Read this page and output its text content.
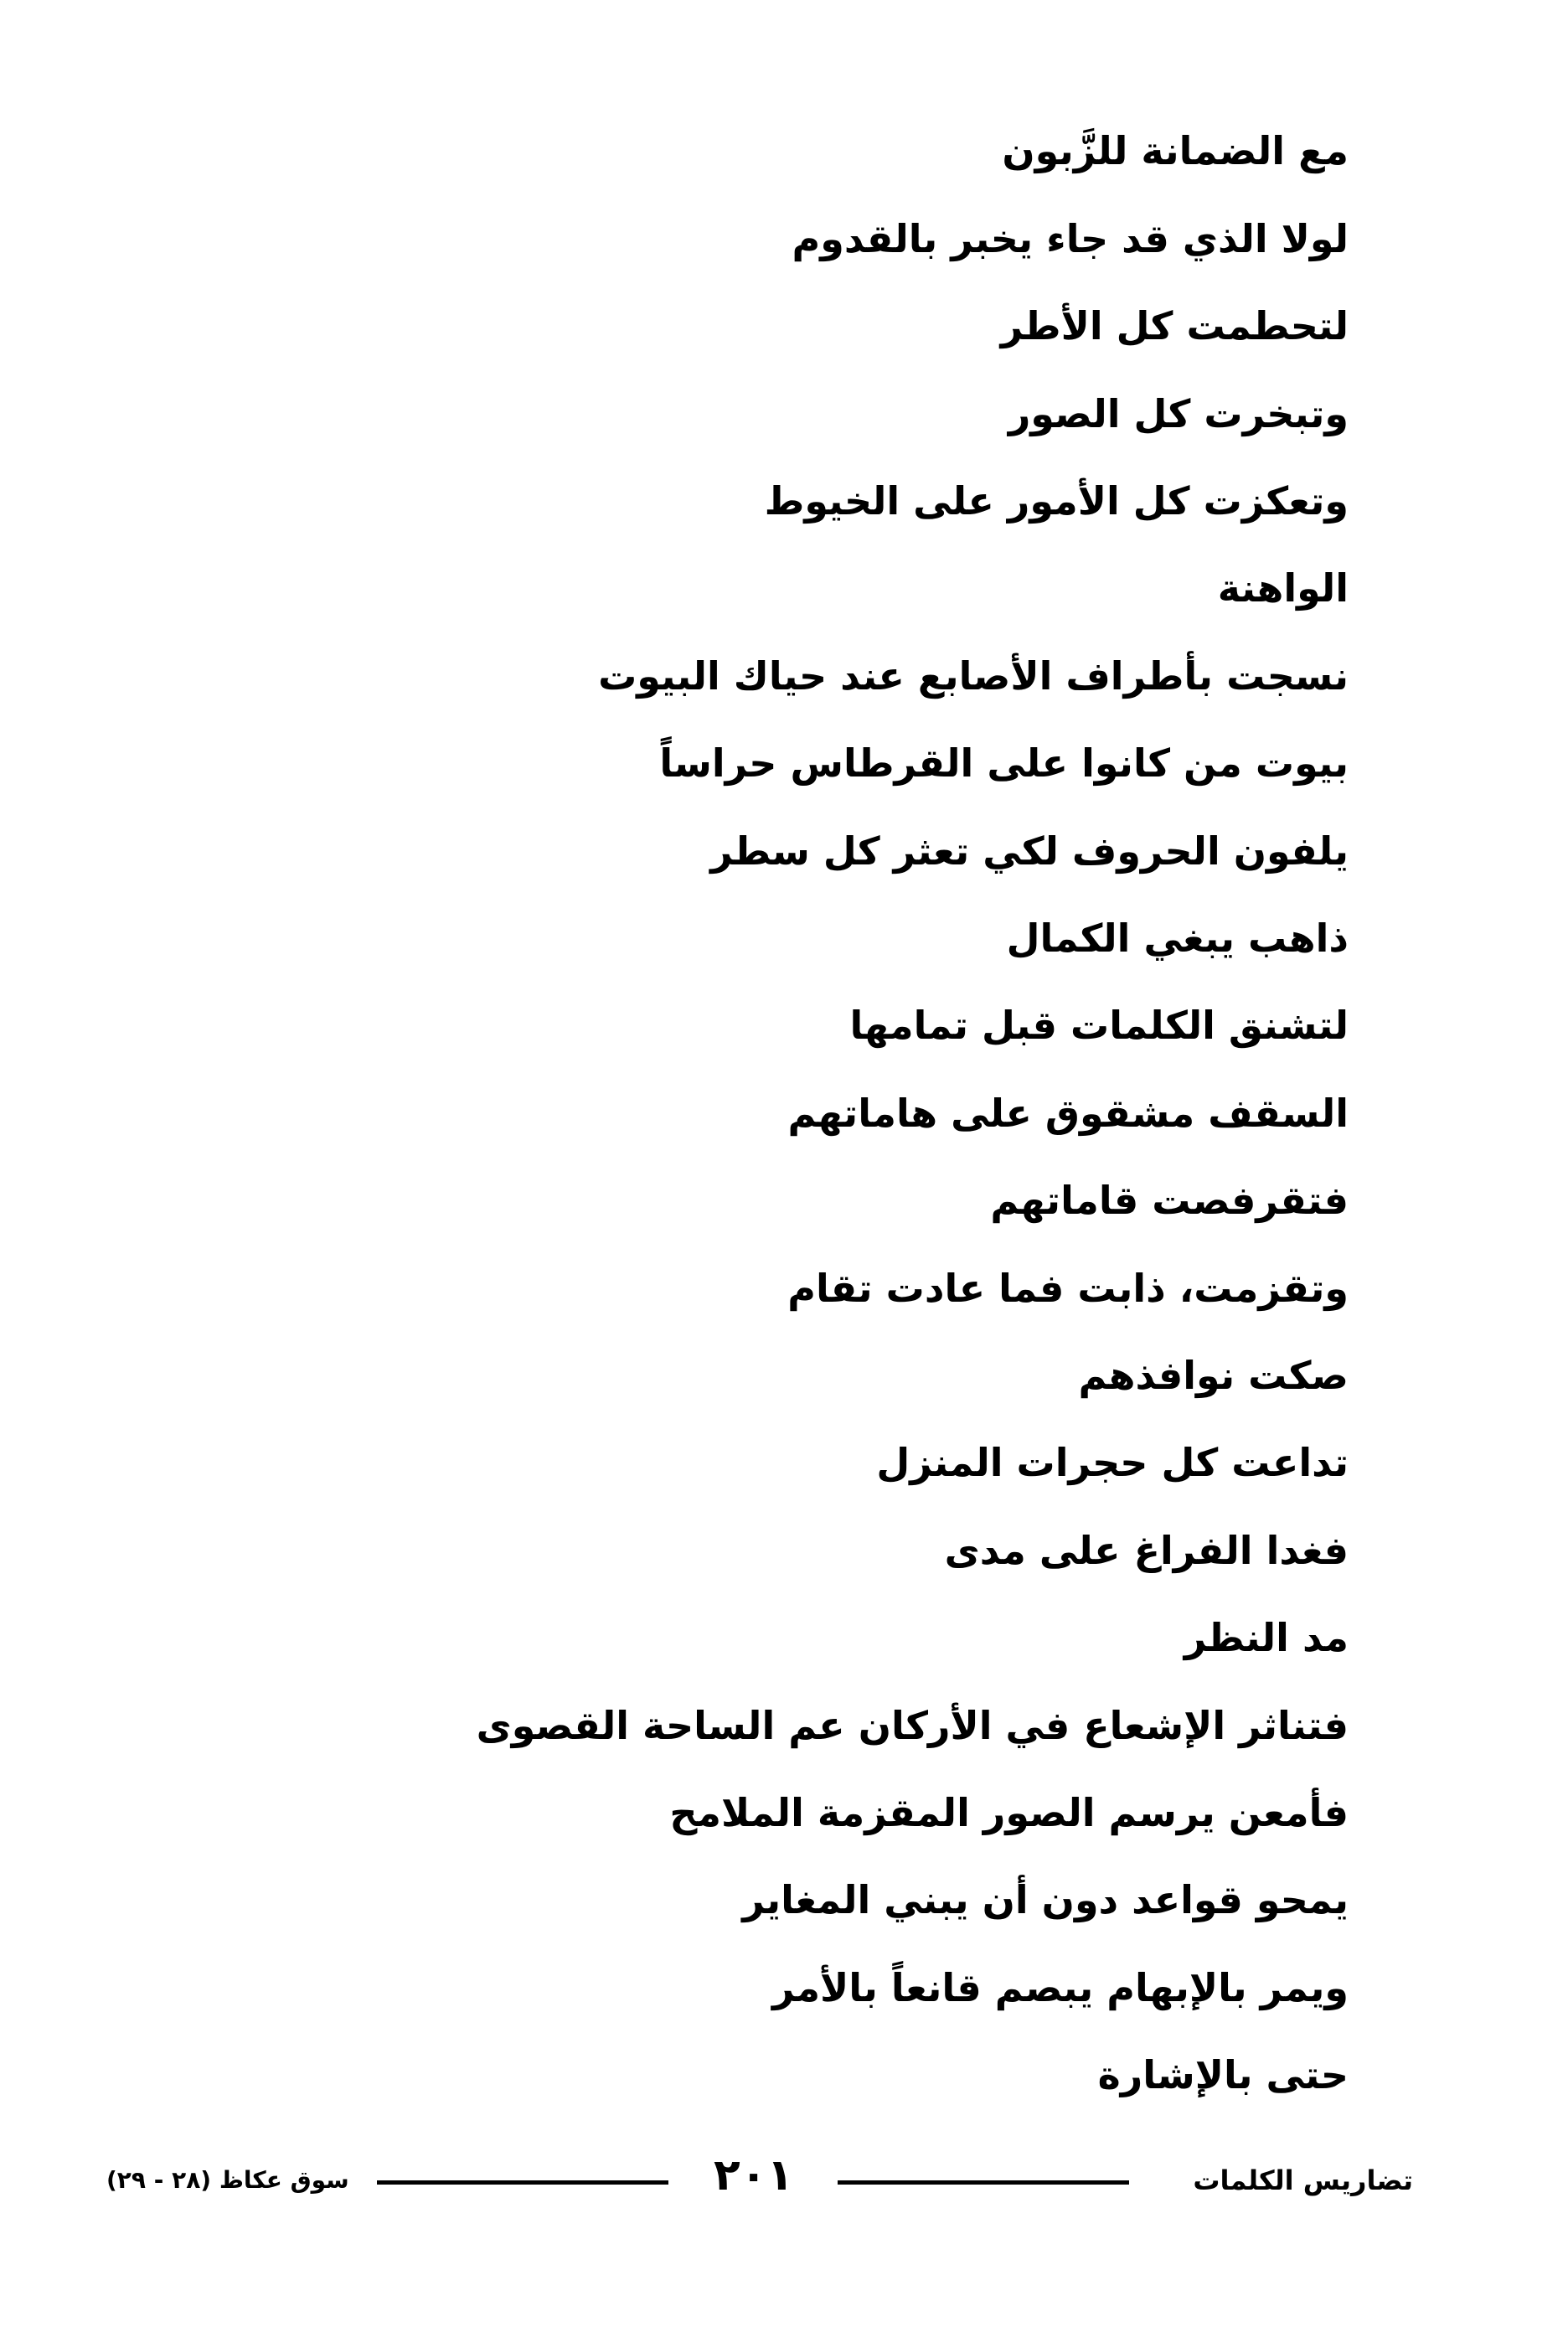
مع الضمانة للزَّبون
لولا الذي قد جاء يخبر بالقدوم
لتحطمت كل الأطر
وتبخرت كل الصور
وتعكزت كل الأمور على الخيوط
الواهنة
نسجت بأطراف الأصابع عند حياك البيوت
بيوت من كانوا على القرطاس حراساً
يلفون الحروف لكي تعثر كل سطر
ذاهب يبغي الكمال
لتشنق الكلمات قبل تمامها
السقف مشقوق على هاماتهم
فتقرفصت قاماتهم
وتقزمت، ذابت فما عادت تقام
صكت نوافذهم
تداعت كل حجرات المنزل
فغدا الفراغ على مدى
مد النظر
فتناثر الإشعاع في الأركان عم الساحة القصوى
فأمعن يرسم الصور المقزمة الملامح
يمحو قواعد دون أن يبني المغاير
ويمر بالإبهام يبصم قانعاً بالأمر
حتى بالإشارة
سوق عكاظ (٢٨ - ٢٩)	٢٠١	تضاريس الكلمات
